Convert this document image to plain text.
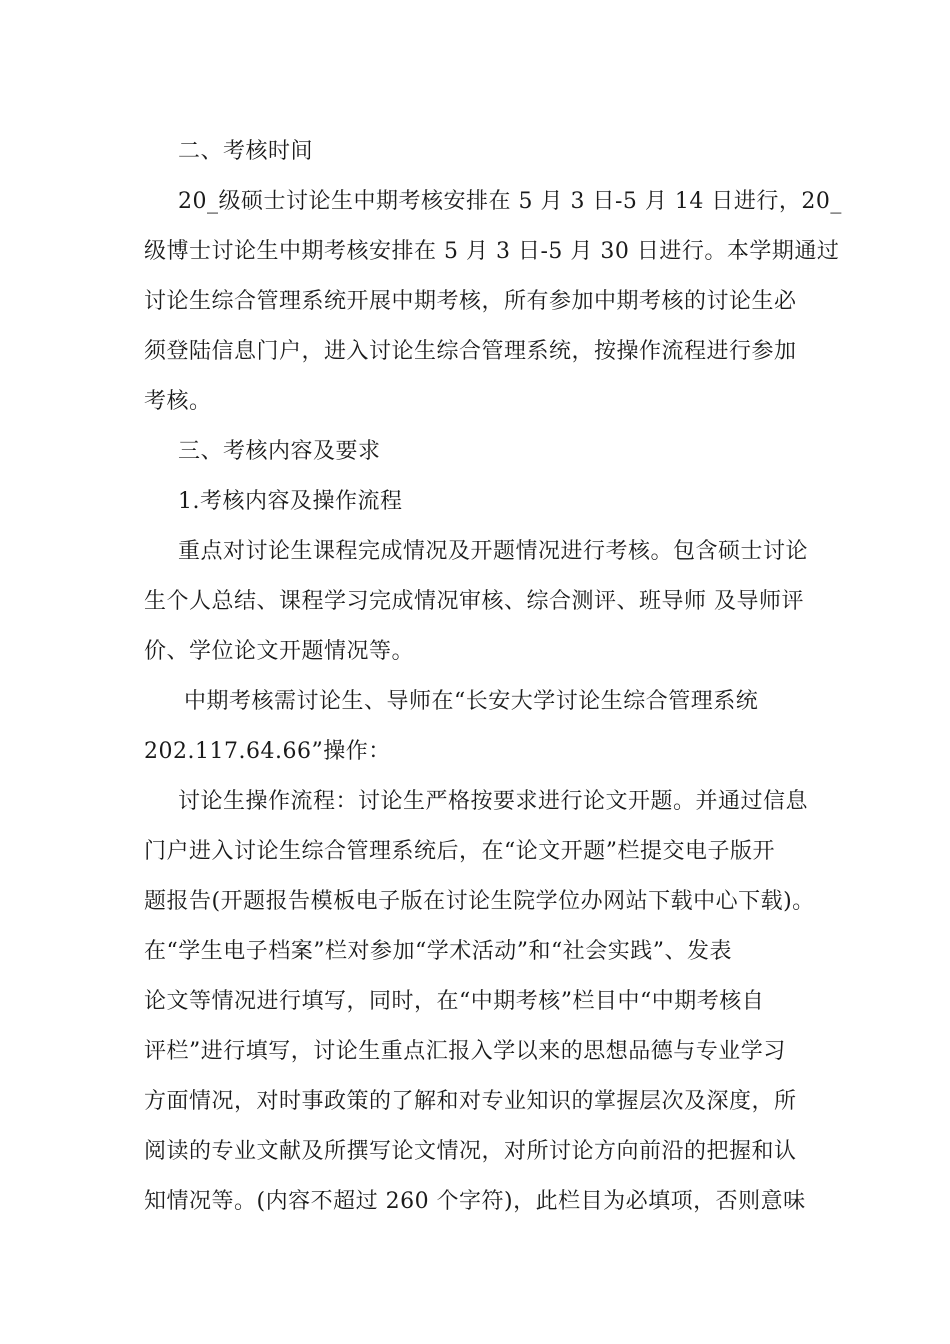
二、考核时间
20_级硕士讨论生中期考核安排在 5 月 3 日-5 月 14 日进行，20_
级博士讨论生中期考核安排在 5 月 3 日-5 月 30 日进行。本学期通过
讨论生综合管理系统开展中期考核，所有参加中期考核的讨论生必
须登陆信息门户，进入讨论生综合管理系统，按操作流程进行参加
考核。
三、考核内容及要求
1.考核内容及操作流程
重点对讨论生课程完成情况及开题情况进行考核。包含硕士讨论
生个人总结、课程学习完成情况审核、综合测评、班导师 及导师评
价、学位论文开题情况等。
中期考核需讨论生、导师在“长安大学讨论生综合管理系统
202.117.64.66”操作：
讨论生操作流程：讨论生严格按要求进行论文开题。并通过信息
门户进入讨论生综合管理系统后，在“论文开题”栏提交电子版开
题报告(开题报告模板电子版在讨论生院学位办网站下载中心下载)。
在“学生电子档案”栏对参加“学术活动”和“社会实践”、发表
论文等情况进行填写，同时，在“中期考核”栏目中“中期考核自
评栏”进行填写，讨论生重点汇报入学以来的思想品德与专业学习
方面情况，对时事政策的了解和对专业知识的掌握层次及深度，所
阅读的专业文献及所撰写论文情况，对所讨论方向前沿的把握和认
知情况等。(内容不超过 260 个字符)，此栏目为必填项，否则意味
